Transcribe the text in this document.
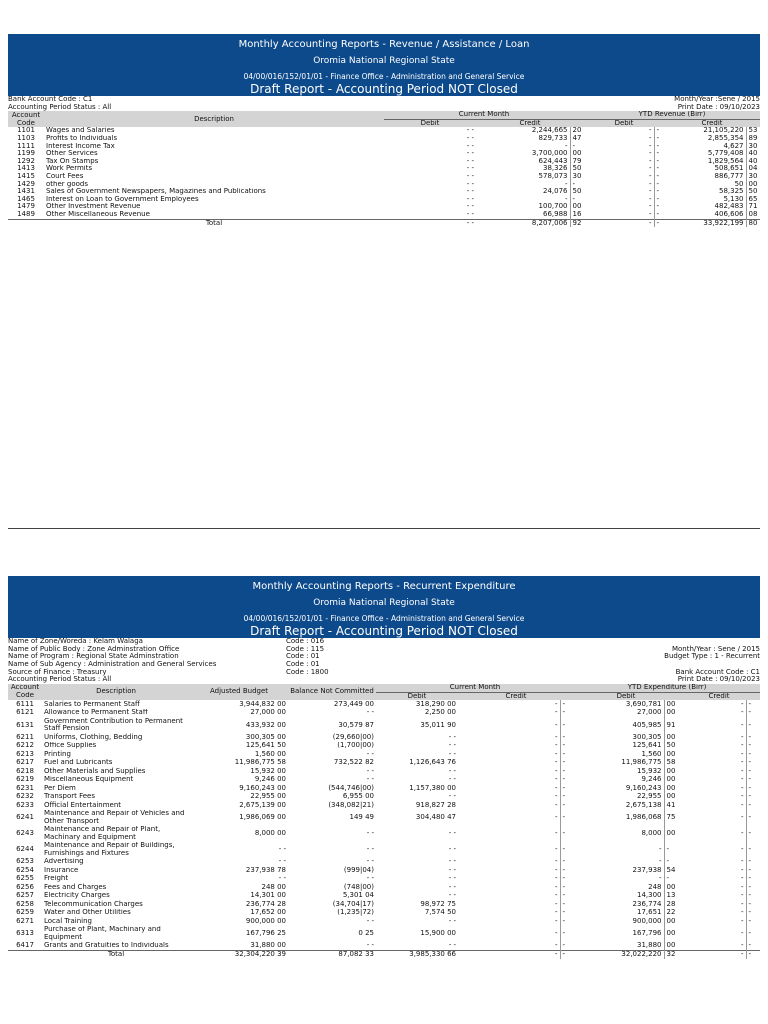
Monthly Accounting Reports - Revenue / Assistance / Loan
Oromia National Regional State
04/00/016/152/01/01 - Finance Office - Administration and General Service
Draft Report - Accounting Period NOT Closed
Bank Account Code : C1	Month/Year :Sene / 2015
Accounting Period Status : All	Print Date : 09/10/2023
Account	Description	Current Month			YTD Revenue (Birr)			
Code		Debit	Credit		Debit		Credit	
1101	Wages and Salaries	- -	2,244,665	20	-	-	21,105,220	53
1103	Profits to Individuals	- -	829,733	47	-	-	2,855,354	89
1111	Interest Income Tax	- -	-	-	-	-	4,627	30
1199	Other Services	- -	3,700,000	00	-	-	5,779,408	40
1292	Tax On Stamps	- -	624,443	79	-	-	1,829,564	40
1413	Work Permits	- -	38,326	50	-	-	508,651	04
1415	Court Fees	- -	578,073	30	-	-	886,777	30
1429	other goods	- -	-	-	-	-	50	00
1431	Sales of Government Newspapers, Magazines and Publications	- -	24,076	50	-	-	58,325	50
1465	Interest on Loan to Government Employees	- -	-	-	-	-	5,130	65
1479	Other Investment Revenue	- -	100,700	00	-	-	482,483	71
1489	Other Miscellaneous Revenue	- -	66,988	16	-	-	406,606	08
	Total	- -	8,207,006	92	-	-	33,922,199	80
Monthly Accounting Reports - Recurrent Expenditure
Oromia National Regional State
04/00/016/152/01/01 - Finance Office - Administration and General Service
Draft Report - Accounting Period NOT Closed
Name of Zone/Woreda : Kelam Walaga	Code : 016
Name of Public Body : Zone Adminstration Office	Code : 115	Month/Year : Sene / 2015
Name of Program : Regional State Adminstration	Code : 01	Budget Type : 1 - Recurrent
Name of Sub Agency : Administration and General Services	Code : 01
Source of Finance : Treasury	Code : 1800	Bank Account Code : C1
Accounting Period Status : All	Print Date : 09/10/2023
Account	Description	Adjusted Budget	Balance Not Committed	Current Month			YTD Expenditure (Birr)			
Code				Debit	Credit		Debit		Credit	
6111	Salaries to Permanent Staff	3,944,832 00	273,449 00	318,290 00	-	-	3,690,781	00	-	-
6121	Allowance to Permanent Staff	27,000 00	- -	2,250 00	-	-	27,000	00	-	-
6131	Government Contribution to Permanent Staff Pension	433,932 00	30,579 87	35,011 90	-	-	405,985	91	-	-
6211	Uniforms, Clothing, Bedding	300,305 00	(29,660|00)	- -	-	-	300,305	00	-	-
6212	Office Supplies	125,641 50	(1,700|00)	- -	-	-	125,641	50	-	-
6213	Printing	1,560 00	- -	- -	-	-	1,560	00	-	-
6217	Fuel and Lubricants	11,986,775 58	732,522 82	1,126,643 76	-	-	11,986,775	58	-	-
6218	Other Materials and Supplies	15,932 00	- -	- -	-	-	15,932	00	-	-
6219	Miscellaneous Equipment	9,246 00	- -	- -	-	-	9,246	00	-	-
6231	Per Diem	9,160,243 00	(544,746|00)	1,157,380 00	-	-	9,160,243	00	-	-
6232	Transport Fees	22,955 00	6,955 00	- -	-	-	22,955	00	-	-
6233	Official Entertainment	2,675,139 00	(348,082|21)	918,827 28	-	-	2,675,138	41	-	-
6241	Maintenance and Repair of Vehicles and Other Transport	1,986,069 00	149 49	304,480 47	-	-	1,986,068	75	-	-
6243	Maintenance and Repair of Plant, Machinary and Equipment	8,000 00	- -	- -	-	-	8,000	00	-	-
6244	Maintenance and Repair of Buildings, Furnishings and Fixtures	- -	- -	- -	-	-	-	-	-	-
6253	Advertising	- -	- -	- -	-	-	-	-	-	-
6254	Insurance	237,938 78	(999|04)	- -	-	-	237,938	54	-	-
6255	Freight	- -	- -	- -	-	-	-	-	-	-
6256	Fees and Charges	248 00	(748|00)	- -	-	-	248	00	-	-
6257	Electricity Charges	14,301 00	5,301 04	- -	-	-	14,300	13	-	-
6258	Telecommunication Charges	236,774 28	(34,704|17)	98,972 75	-	-	236,774	28	-	-
6259	Water and Other Utilities	17,652 00	(1,235|72)	7,574 50	-	-	17,651	22	-	-
6271	Local Training	900,000 00	- -	- -	-	-	900,000	00	-	-
6313	Purchase of Plant, Machinary and Equipment	167,796 25	0 25	15,900 00	-	-	167,796	00	-	-
6417	Grants and Gratuities to Individuals	31,880 00	- -	- -	-	-	31,880	00	-	-
	Total	32,304,220 39	87,082 33	3,985,330 66	-	-	32,022,220	32	-	-
